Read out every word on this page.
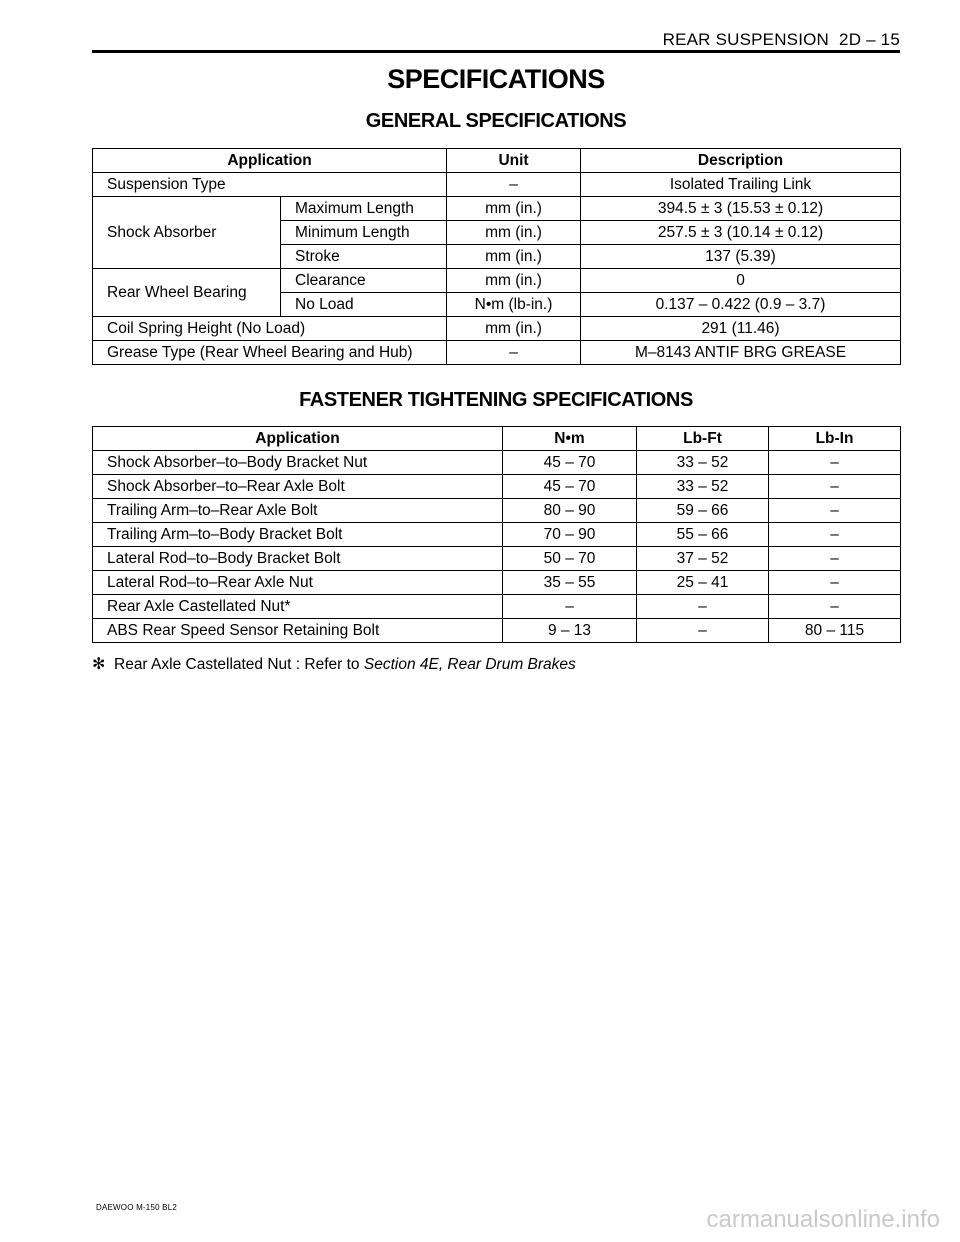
REAR SUSPENSION 2D – 15
SPECIFICATIONS
GENERAL SPECIFICATIONS
Application		Unit	Description
Suspension Type		–	Isolated Trailing Link
Shock Absorber	Maximum Length	mm (in.)	394.5 ± 3 (15.53 ± 0.12)
	Minimum Length	mm (in.)	257.5 ± 3 (10.14 ± 0.12)
	Stroke	mm (in.)	137 (5.39)
Rear Wheel Bearing	Clearance	mm (in.)	0
	No Load	N•m (lb-in.)	0.137 – 0.422 (0.9 – 3.7)
Coil Spring Height (No Load)		mm (in.)	291 (11.46)
Grease Type (Rear Wheel Bearing and Hub)		–	M–8143 ANTIF BRG GREASE
FASTENER TIGHTENING SPECIFICATIONS
Application	N•m	Lb-Ft	Lb-In
Shock Absorber–to–Body Bracket Nut	45 – 70	33 – 52	–
Shock Absorber–to–Rear Axle Bolt	45 – 70	33 – 52	–
Trailing Arm–to–Rear Axle Bolt	80 – 90	59 – 66	–
Trailing Arm–to–Body Bracket Bolt	70 – 90	55 – 66	–
Lateral Rod–to–Body Bracket Bolt	50 – 70	37 – 52	–
Lateral Rod–to–Rear Axle Nut	35 – 55	25 – 41	–
Rear Axle Castellated Nut*	–	–	–
ABS Rear Speed Sensor Retaining Bolt	9 – 13	–	80 – 115
✻ Rear Axle Castellated Nut : Refer to Section 4E, Rear Drum Brakes
DAEWOO M-150 BL2	carmanualsonline.info
